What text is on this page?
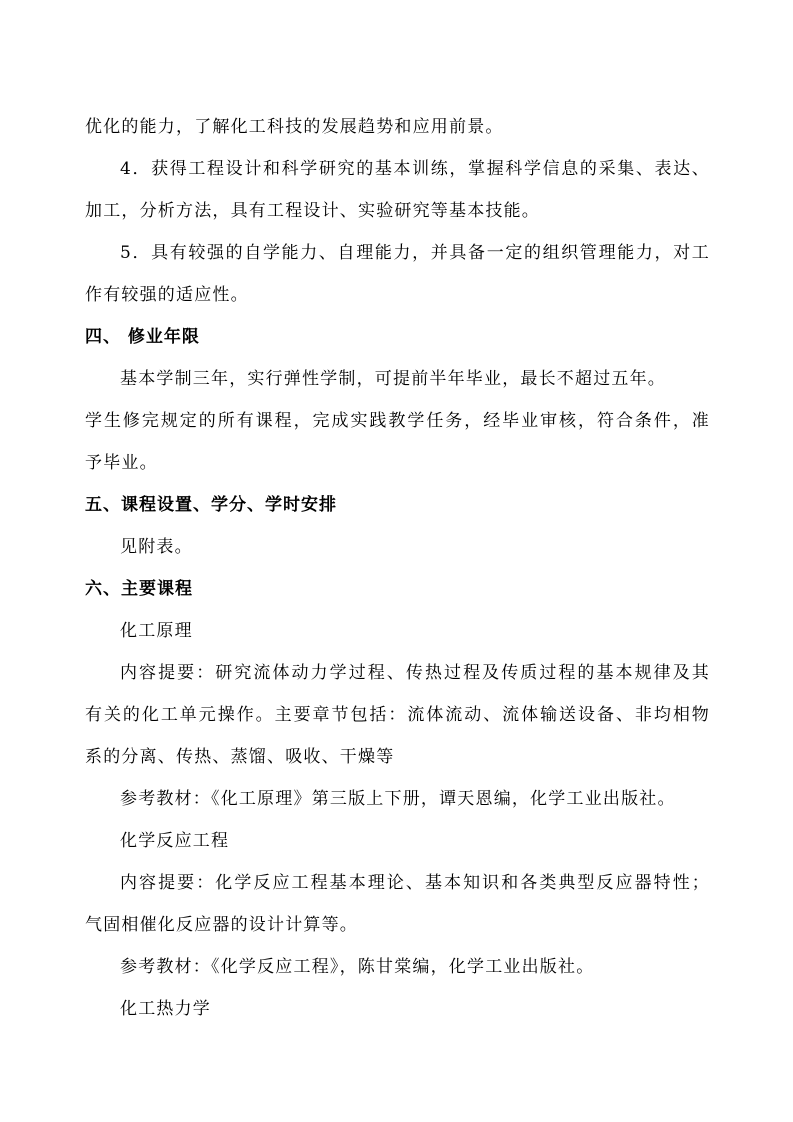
优化的能力，了解化工科技的发展趋势和应用前景。
4．获得工程设计和科学研究的基本训练，掌握科学信息的采集、表达、
加工，分析方法，具有工程设计、实验研究等基本技能。
5．具有较强的自学能力、自理能力，并具备一定的组织管理能力，对工
作有较强的适应性。
四、 修业年限
基本学制三年，实行弹性学制，可提前半年毕业，最长不超过五年。
学生修完规定的所有课程，完成实践教学任务，经毕业审核，符合条件，准
予毕业。
五、课程设置、学分、学时安排
见附表。
六、主要课程
化工原理
内容提要：研究流体动力学过程、传热过程及传质过程的基本规律及其
有关的化工单元操作。主要章节包括：流体流动、流体输送设备、非均相物
系的分离、传热、蒸馏、吸收、干燥等
参考教材：《化工原理》第三版上下册，谭天恩编，化学工业出版社。
化学反应工程
内容提要：化学反应工程基本理论、基本知识和各类典型反应器特性；
气固相催化反应器的设计计算等。
参考教材：《化学反应工程》，陈甘棠编，化学工业出版社。
化工热力学
